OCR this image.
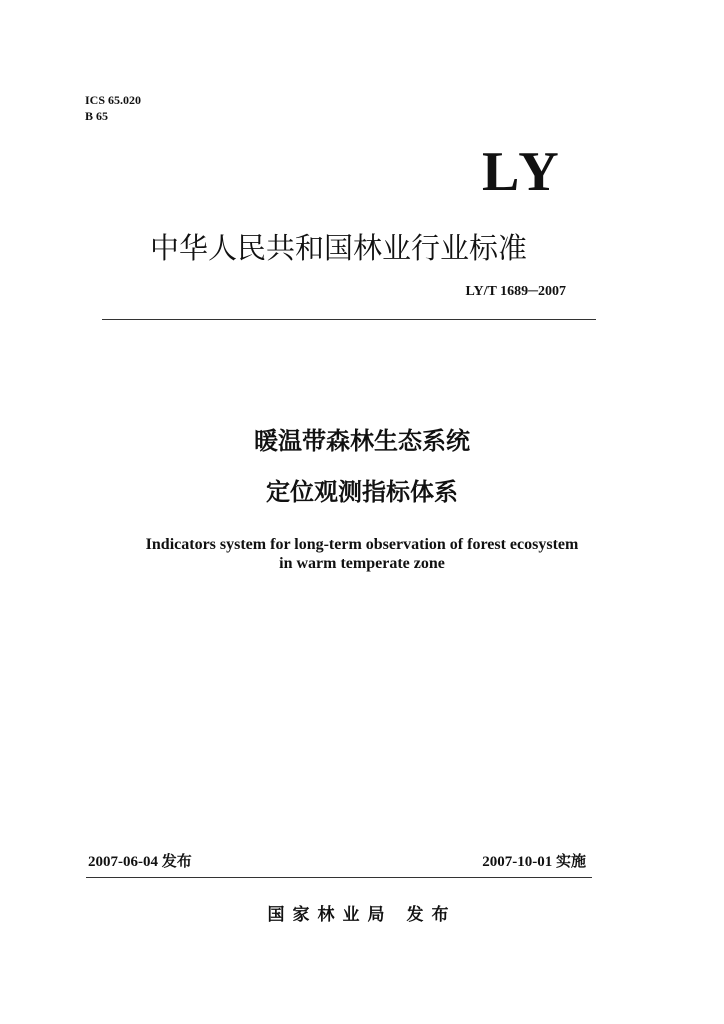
ICS 65.020
B 65
LY
中华人民共和国林业行业标准
LY/T 1689─2007
暖温带森林生态系统
定位观测指标体系
Indicators system for long-term observation of forest ecosystem
in warm temperate zone
2007-06-04 发布	2007-10-01 实施
国家林业局 发布
